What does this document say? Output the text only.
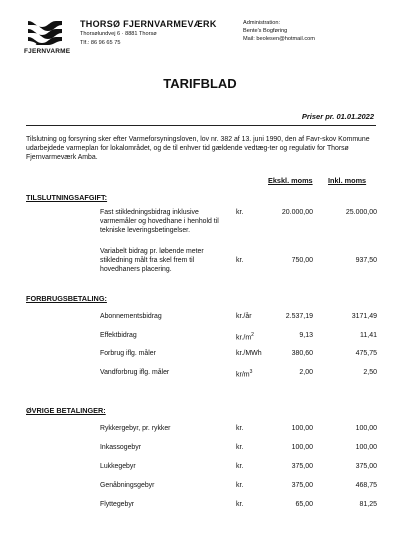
FJERNVARME
THORSØ FJERNVARMEVÆRK
Thorsølundvej 6 · 8881 Thorsø
Tlf.: 86 96 65 75
Administration:
Bente's Bogføring
Mail: beolesen@hotmail.com
TARIFBLAD
Priser pr. 01.01.2022
Tilslutning og forsyning sker efter Varmeforsyningsloven, lov nr. 382 af 13. juni 1990, den af Favr-skov Kommune udarbejdede varmeplan for lokalområdet, og de til enhver tid gældende vedtæg-ter og regulativ for Thorsø Fjernvarmeværk Amba.
Ekskl. moms Inkl. moms
TILSLUTNINGSAFGIFT:
Fast stikledningsbidrag inklusive varmemåler og hovedhane i henhold til tekniske leveringsbetingelser.
kr.	20.000,00	25.000,00
Variabelt bidrag pr. løbende meter stikledning målt fra skel frem til hovedhaners placering.
kr.	750,00	937,50
FORBRUGSBETALING:
Abonnementsbidrag	kr./år	2.537,19	3171,49
Effektbidrag	$kr./m^2$	9,13	11,41
Forbrug iflg. måler	kr./MWh	380,60	475,75
Vandforbrug iflg. måler	$kr/m^3$	2,00	2,50
ØVRIGE BETALINGER:
Rykkergebyr, pr. rykker	kr.	100,00	100,00
Inkassogebyr	kr.	100,00	100,00
Lukkegebyr	kr.	375,00	375,00
Genåbningsgebyr	kr.	375,00	468,75
Flyttegebyr	kr.	65,00	81,25
